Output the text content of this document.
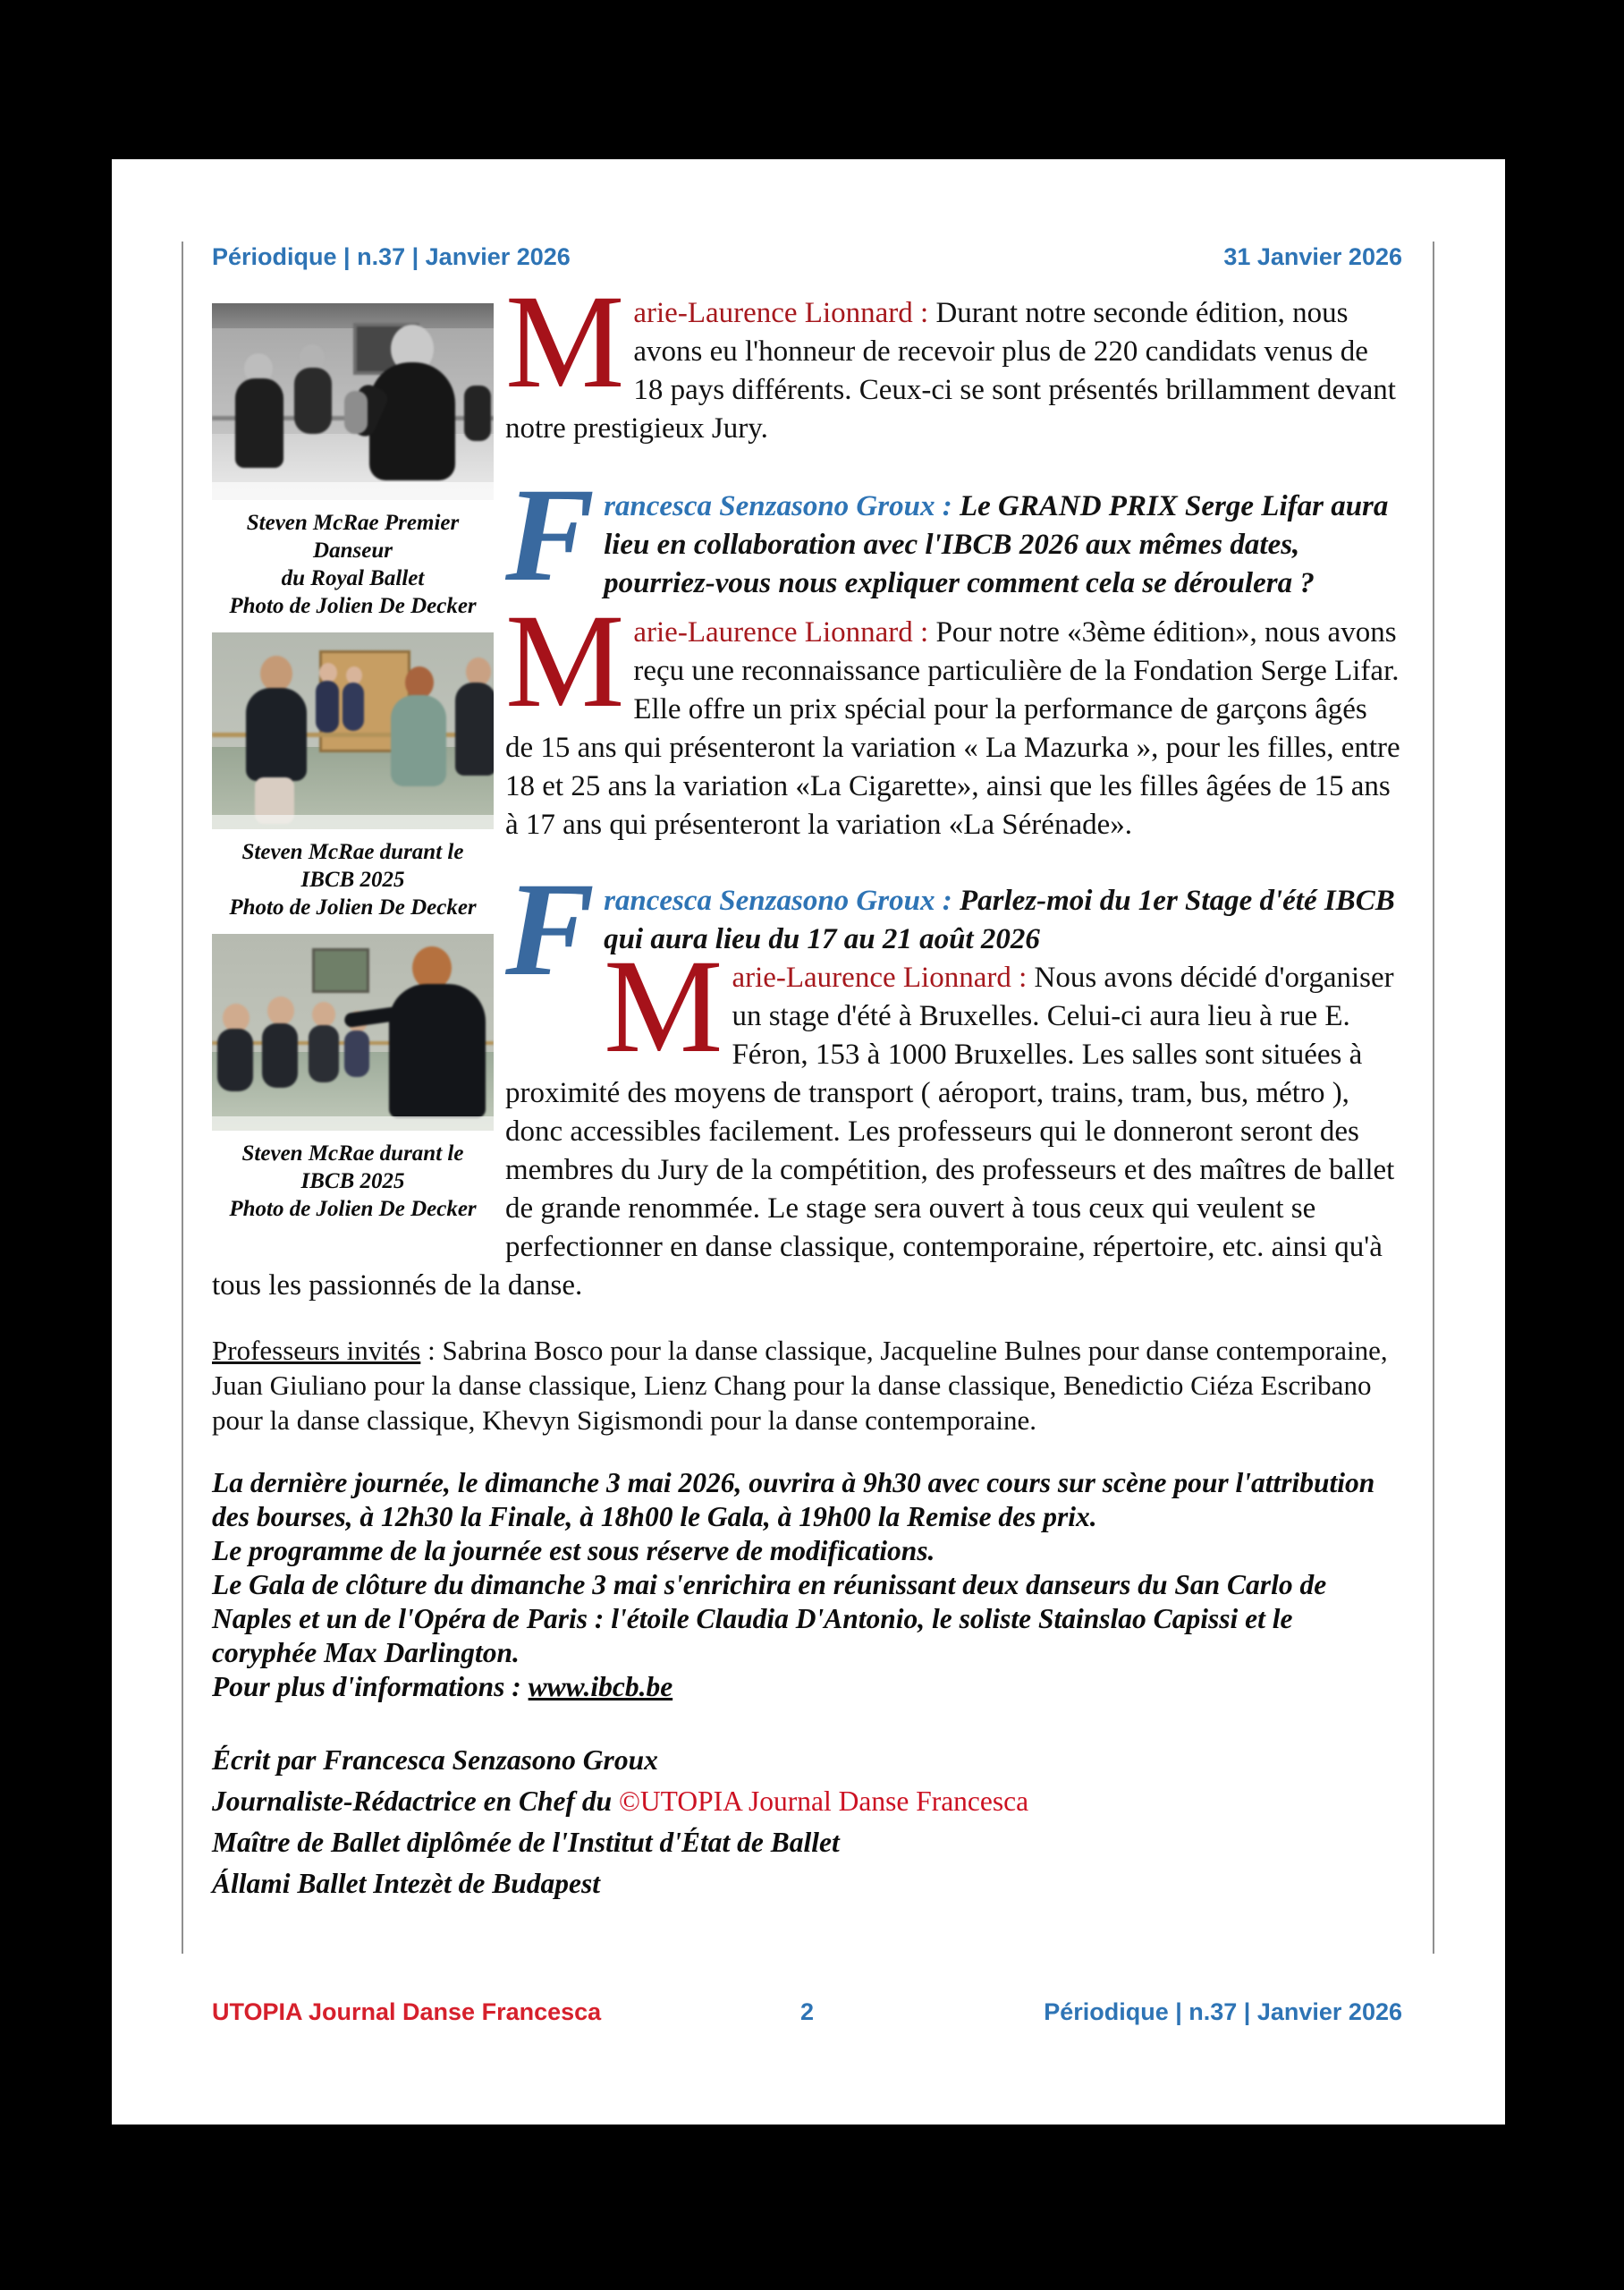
Périodique | n.37 | Janvier 2026	31 Janvier 2026
Steven McRae Premier Danseur
du Royal Ballet
Photo de Jolien De Decker
Steven McRae durant le
IBCB 2025
Photo de Jolien De Decker
Steven McRae durant le
IBCB 2025
Photo de Jolien De Decker

Marie-Laurence Lionnard : Durant notre seconde édition, nous avons eu l'honneur de recevoir plus de 220 candidats venus de 18 pays différents. Ceux-ci se sont présentés brillamment devant notre prestigieux Jury.

Francesca Senzasono Groux : Le GRAND PRIX Serge Lifar aura lieu en collaboration avec l'IBCB 2026 aux mêmes dates, pourriez-vous nous expliquer comment cela se déroulera ?

Marie-Laurence Lionnard : Pour notre «3ème édition», nous avons reçu une reconnaissance particulière de la Fondation Serge Lifar. Elle offre un prix spécial pour la performance de garçons âgés de 15 ans qui présenteront la variation « La Mazurka », pour les filles, entre 18 et 25 ans la variation «La Cigarette», ainsi que les filles âgées de 15 ans à 17 ans qui présenteront la variation «La Sérénade».

Francesca Senzasono Groux : Parlez-moi du 1er Stage d'été IBCB qui aura lieu du 17 au 21 août 2026

Marie-Laurence Lionnard : Nous avons décidé d'organiser un stage d'été à Bruxelles. Celui-ci aura lieu à rue E. Féron, 153 à 1000 Bruxelles. Les salles sont situées à proximité des moyens de transport ( aéroport, trains, tram, bus, métro ), donc accessibles facilement. Les professeurs qui le donneront seront des membres du Jury de la compétition, des professeurs et des maîtres de ballet de grande renommée. Le stage sera ouvert à tous ceux qui veulent se perfectionner en danse classique, contemporaine, répertoire, etc. ainsi qu'à tous les passionnés de la danse.

Professeurs invités : Sabrina Bosco pour la danse classique, Jacqueline Bulnes pour danse contemporaine, Juan Giuliano pour la danse classique, Lienz Chang pour la danse classique, Benedictio Ciéza Escribano pour la danse classique, Khevyn Sigismondi pour la danse contemporaine.

La dernière journée, le dimanche 3 mai 2026, ouvrira à 9h30 avec cours sur scène pour l'attribution des bourses, à 12h30 la Finale, à 18h00 le Gala, à 19h00 la Remise des prix.
Le programme de la journée est sous réserve de modifications.
Le Gala de clôture du dimanche 3 mai s'enrichira en réunissant deux danseurs du San Carlo de Naples et un de l'Opéra de Paris : l'étoile Claudia D'Antonio, le soliste Stainslao Capissi et le coryphée Max Darlington.
Pour plus d'informations : www.ibcb.be
Écrit par Francesca Senzasono Groux
Journaliste-Rédactrice en Chef du ©UTOPIA Journal Danse Francesca
Maître de Ballet diplômée de l'Institut d'État de Ballet
Állami Ballet Intezèt de Budapest
UTOPIA Journal Danse Francesca	2	Périodique | n.37 | Janvier 2026
